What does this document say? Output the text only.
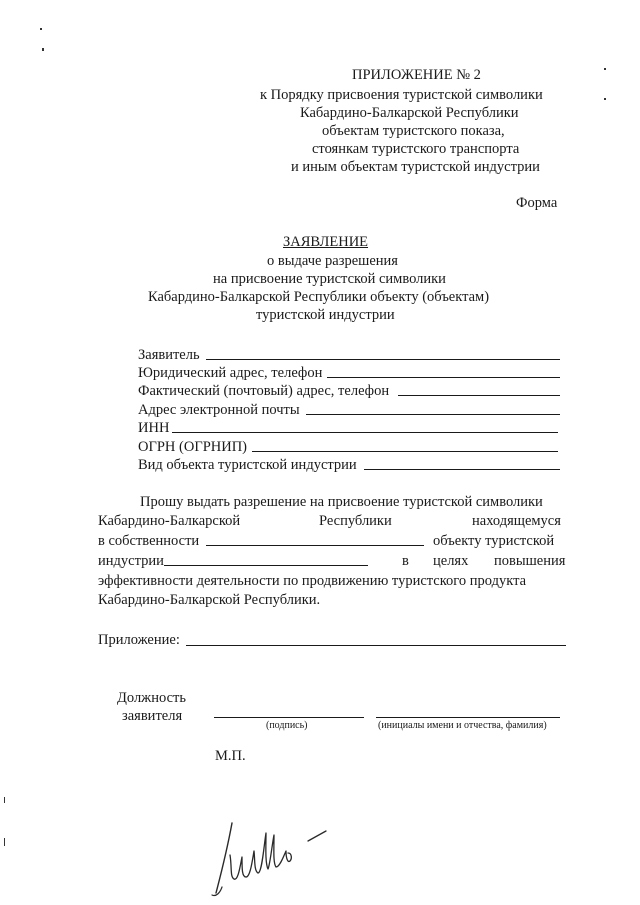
ПРИЛОЖЕНИЕ № 2
к Порядку присвоения туристской символики
Кабардино-Балкарской Республики
объектам туристского показа,
стоянкам туристского транспорта
и иным объектам туристской индустрии
Форма
ЗАЯВЛЕНИЕ
о выдаче разрешения
на присвоение туристской символики
Кабардино-Балкарской Республики объекту (объектам)
туристской индустрии
Заявитель
Юридический адрес, телефон
Фактический (почтовый) адрес, телефон
Адрес электронной почты
ИНН
ОГРН (ОГРНИП)
Вид объекта туристской индустрии
Прошу выдать разрешение на присвоение туристской символики
Кабардино-Балкарской	Республики	находящемуся
в собственности	объекту туристской
индустрии	в целях повышения
эффективности деятельности по продвижению туристского продукта
Кабардино-Балкарской Республики.
Приложение:
Должность
заявителя
(подпись)	(инициалы имени и отчества, фамилия)
М.П.
